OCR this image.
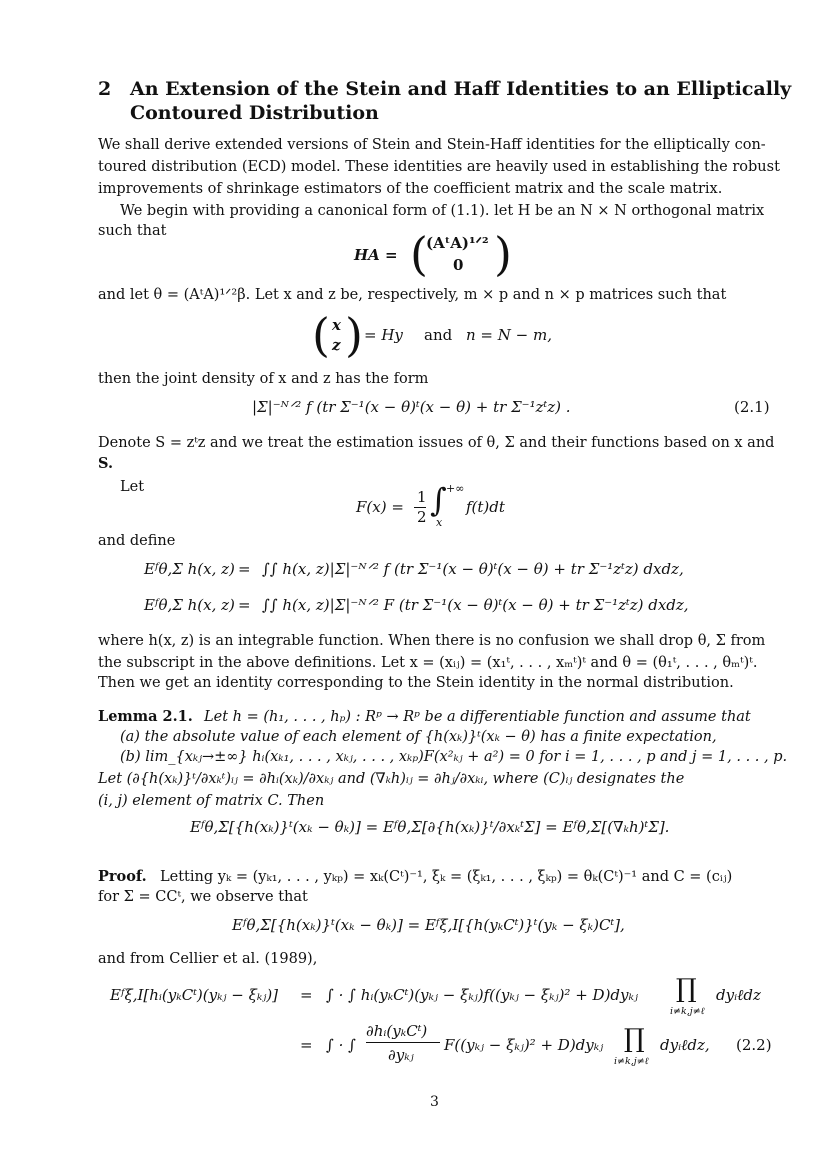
2 An Extension of the Stein and Haff Identities to an Elliptically
Contoured Distribution
We shall derive extended versions of Stein and Stein-Haff identities for the elliptically con-
toured distribution (ECD) model. These identities are heavily used in establishing the robust
improvements of shrinkage estimators of the coefficient matrix and the scale matrix.
We begin with providing a canonical form of (1.1). let H be an N × N orthogonal matrix
such that
HA = (
(AᵗA)¹ᐟ²
0 )
and let θ = (AᵗA)¹ᐟ²β. Let x and z be, respectively, m × p and n × p matrices such that
( x
z ) = Hy and n = N − m,
then the joint density of x and z has the form
|Σ|⁻ᴺᐟ² f (tr Σ⁻¹(x − θ)ᵗ(x − θ) + tr Σ⁻¹zᵗz) .	(2.1)
Denote S = zᵗz and we treat the estimation issues of θ, Σ and their functions based on x and
S.
Let
F(x) =
1
2 ∫ +∞
x
f(t)dt
and define
Eᶠθ,Σ h(x, z) = ∫∫ h(x, z)|Σ|⁻ᴺᐟ² f (tr Σ⁻¹(x − θ)ᵗ(x − θ) + tr Σ⁻¹zᵗz) dxdz,
Eᶠθ,Σ h(x, z) = ∫∫ h(x, z)|Σ|⁻ᴺᐟ² F (tr Σ⁻¹(x − θ)ᵗ(x − θ) + tr Σ⁻¹zᵗz) dxdz,
where h(x, z) is an integrable function. When there is no confusion we shall drop θ, Σ from
the subscript in the above definitions. Let x = (xᵢⱼ) = (x₁ᵗ, . . . , xₘᵗ)ᵗ and θ = (θ₁ᵗ, . . . , θₘᵗ)ᵗ.
Then we get an identity corresponding to the Stein identity in the normal distribution.
Lemma 2.1. Let h = (h₁, . . . , hₚ) : Rᵖ → Rᵖ be a differentiable function and assume that
(a) the absolute value of each element of {h(xₖ)}ᵗ(xₖ − θ) has a finite expectation,
(b) lim_{xₖⱼ→±∞} hᵢ(xₖ₁, . . . , xₖⱼ, . . . , xₖₚ)F(x²ₖⱼ + a²) = 0 for i = 1, . . . , p and j = 1, . . . , p.
Let (∂{h(xₖ)}ᵗ/∂xₖᵗ)ᵢⱼ = ∂hᵢ(xₖ)/∂xₖⱼ and (∇ₖh)ᵢⱼ = ∂hⱼ/∂xₖᵢ, where (C)ᵢⱼ designates the
(i, j) element of matrix C. Then
Eᶠθ,Σ[{h(xₖ)}ᵗ(xₖ − θₖ)] = Eᶠθ,Σ[∂{h(xₖ)}ᵗ/∂xₖᵗΣ] = Eᶠθ,Σ[(∇ₖh)ᵗΣ].
Proof. Letting yₖ = (yₖ₁, . . . , yₖₚ) = xₖ(Cᵗ)⁻¹, ξₖ = (ξₖ₁, . . . , ξₖₚ) = θₖ(Cᵗ)⁻¹ and C = (cᵢⱼ)
for Σ = CCᵗ, we observe that
Eᶠθ,Σ[{h(xₖ)}ᵗ(xₖ − θₖ)] = Eᶠξ,I[{h(yₖCᵗ)}ᵗ(yₖ − ξₖ)Cᵗ],
and from Cellier et al. (1989),
Eᶠξ,I[hᵢ(yₖCᵗ)(yₖⱼ − ξₖⱼ)] = ∫ · ∫ hᵢ(yₖCᵗ)(yₖⱼ − ξₖⱼ)f((yₖⱼ − ξₖⱼ)² + D)dyₖⱼ ∏
i≠k,j≠ℓ
dyᵢℓdz
= ∫ · ∫
∂hᵢ(yₖCᵗ)
∂yₖⱼ
F((yₖⱼ − ξₖⱼ)² + D)dyₖⱼ ∏
i≠k,j≠ℓ
dyᵢℓdz, (2.2)
3
